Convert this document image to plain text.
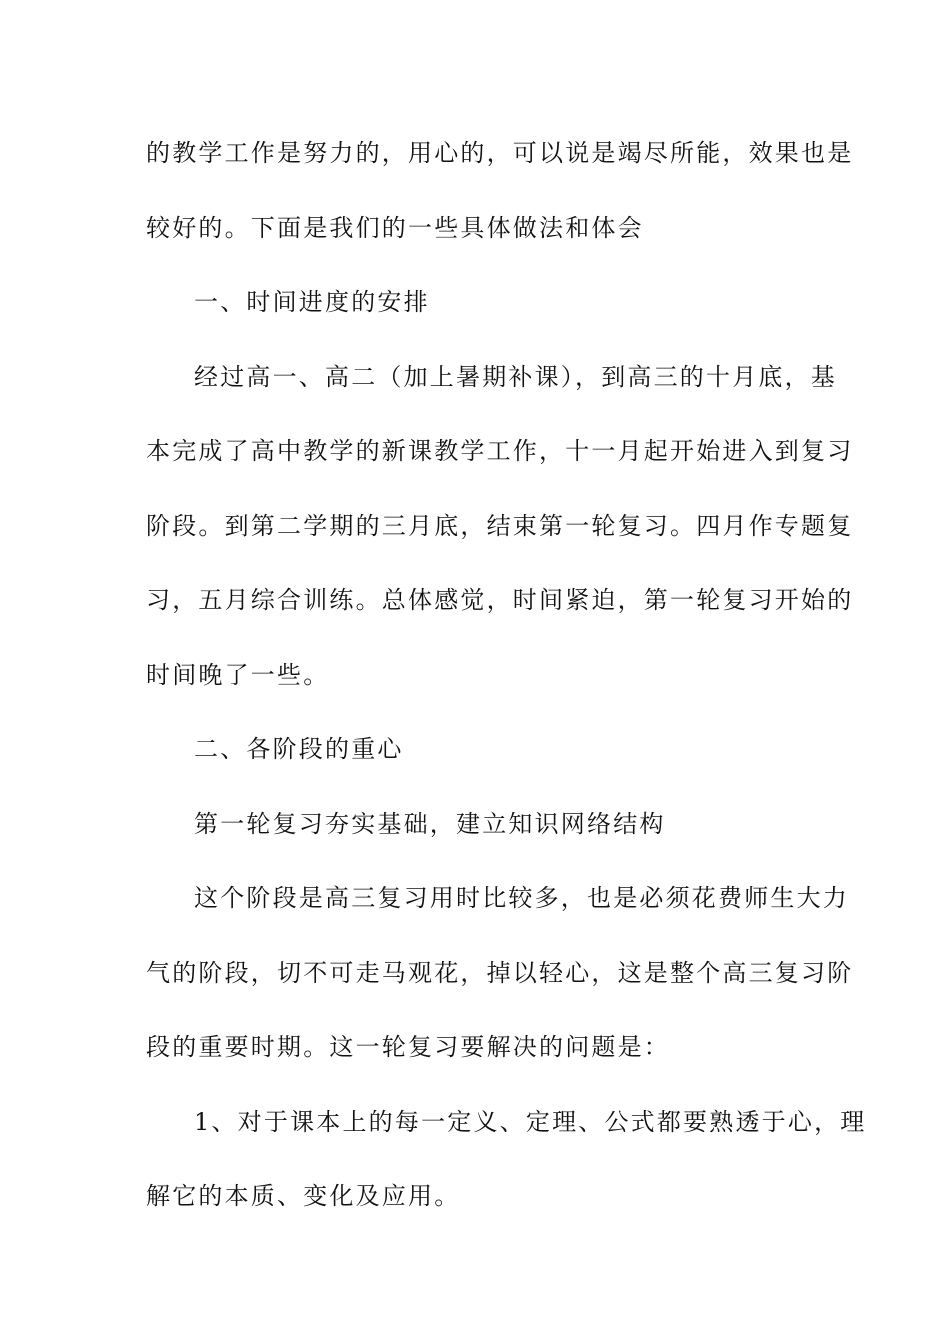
的教学工作是努力的，用心的，可以说是竭尽所能，效果也是
较好的。下面是我们的一些具体做法和体会
一、时间进度的安排
经过高一、高二（加上暑期补课），到高三的十月底，基
本完成了高中教学的新课教学工作，十一月起开始进入到复习
阶段。到第二学期的三月底，结束第一轮复习。四月作专题复
习，五月综合训练。总体感觉，时间紧迫，第一轮复习开始的
时间晚了一些。
二、各阶段的重心
第一轮复习夯实基础，建立知识网络结构
这个阶段是高三复习用时比较多，也是必须花费师生大力
气的阶段，切不可走马观花，掉以轻心，这是整个高三复习阶
段的重要时期。这一轮复习要解决的问题是：
1、对于课本上的每一定义、定理、公式都要熟透于心，理
解它的本质、变化及应用。
